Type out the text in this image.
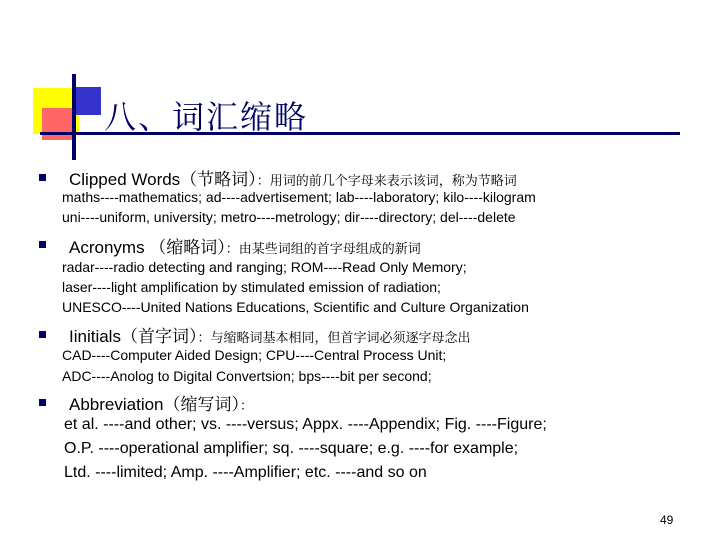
八、词汇缩略
Clipped Words（节略词）：用词的前几个字母来表示该词，称为节略词
maths----mathematics; ad----advertisement; lab----laboratory; kilo----kilogram
uni----uniform, university; metro----metrology; dir----directory; del----delete
Acronyms （缩略词）：由某些词组的首字母组成的新词
radar----radio detecting and ranging; ROM----Read Only Memory;
laser----light amplification by stimulated emission of radiation;
UNESCO----United Nations Educations, Scientific and Culture Organization
Iinitials（首字词）：与缩略词基本相同，但首字词必须逐字母念出
CAD----Computer Aided Design; CPU----Central Process Unit;
ADC----Anolog to Digital Convertsion; bps----bit per second;
Abbreviation（缩写词）：
et al. ----and other; vs. ----versus; Appx. ----Appendix; Fig. ----Figure;
O.P. ----operational amplifier; sq. ----square; e.g. ----for example;
Ltd. ----limited; Amp. ----Amplifier; etc. ----and so on
49
